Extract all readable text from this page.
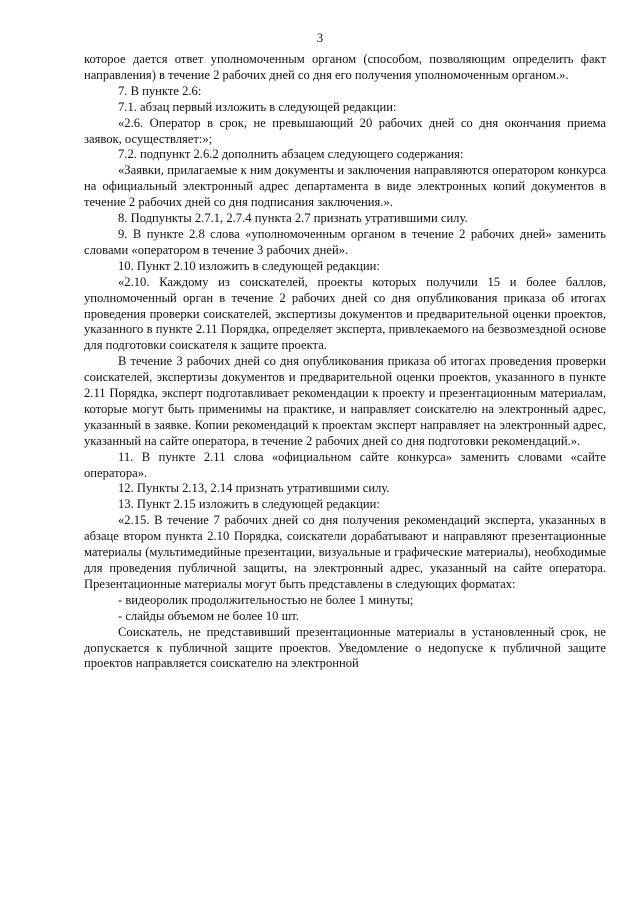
3

которое дается ответ уполномоченным органом (способом, позволяющим определить факт направления) в течение 2 рабочих дней со дня его получения уполномоченным органом.».

7. В пункте 2.6:

7.1. абзац первый изложить в следующей редакции:

«2.6. Оператор в срок, не превышающий 20 рабочих дней со дня окончания приема заявок, осуществляет:»;

7.2. подпункт 2.6.2 дополнить абзацем следующего содержания:

«Заявки, прилагаемые к ним документы и заключения направляются оператором конкурса на официальный электронный адрес департамента в виде электронных копий документов в течение 2 рабочих дней со дня подписания заключения.».

8. Подпункты 2.7.1, 2.7.4 пункта 2.7 признать утратившими силу.

9. В пункте 2.8 слова «уполномоченным органом в течение 2 рабочих дней» заменить словами «оператором в течение 3 рабочих дней».

10. Пункт 2.10 изложить в следующей редакции:

«2.10. Каждому из соискателей, проекты которых получили 15 и более баллов, уполномоченный орган в течение 2 рабочих дней со дня опубликования приказа об итогах проведения проверки соискателей, экспертизы документов и предварительной оценки проектов, указанного в пункте 2.11 Порядка, определяет эксперта, привлекаемого на безвозмездной основе для подготовки соискателя к защите проекта.

В течение 3 рабочих дней со дня опубликования приказа об итогах проведения проверки соискателей, экспертизы документов и предварительной оценки проектов, указанного в пункте 2.11 Порядка, эксперт подготавливает рекомендации к проекту и презентационным материалам, которые могут быть применимы на практике, и направляет соискателю на электронный адрес, указанный в заявке. Копии рекомендаций к проектам эксперт направляет на электронный адрес, указанный на сайте оператора, в течение 2 рабочих дней со дня подготовки рекомендаций.».

11. В пункте 2.11 слова «официальном сайте конкурса» заменить словами «сайте оператора».

12. Пункты 2.13, 2.14 признать утратившими силу.

13. Пункт 2.15 изложить в следующей редакции:

«2.15. В течение 7 рабочих дней со дня получения рекомендаций эксперта, указанных в абзаце втором пункта 2.10 Порядка, соискатели дорабатывают и направляют презентационные материалы (мультимедийные презентации, визуальные и графические материалы), необходимые для проведения публичной защиты, на электронный адрес, указанный на сайте оператора. Презентационные материалы могут быть представлены в следующих форматах:

- видеоролик продолжительностью не более 1 минуты;

- слайды объемом не более 10 шт.

Соискатель, не представивший презентационные материалы в установленный срок, не допускается к публичной защите проектов. Уведомление о недопуске к публичной защите проектов направляется соискателю на электронной
